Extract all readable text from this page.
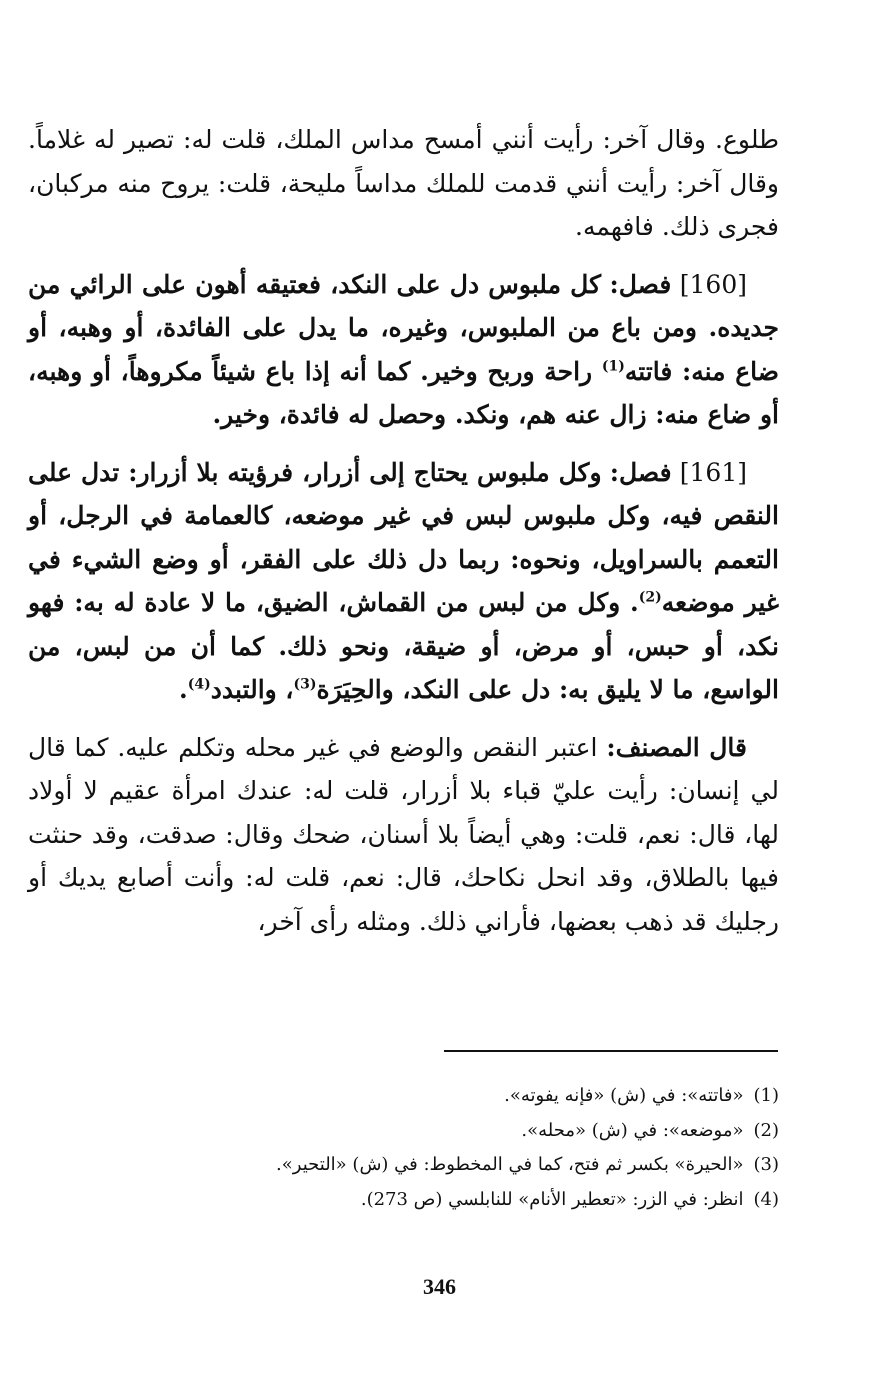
طلوع. وقال آخر: رأيت أنني أمسح مداس الملك، قلت له: تصير له غلاماً. وقال آخر: رأيت أنني قدمت للملك مداساً مليحة، قلت: يروح منه مركبان، فجرى ذلك. فافهمه.

[160] فصل: كل ملبوس دل على النكد، فعتيقه أهون على الرائي من جديده. ومن باع من الملبوس، وغيره، ما يدل على الفائدة، أو وهبه، أو ضاع منه: فاتته$^{(1)}$ راحة وربح وخير. كما أنه إذا باع شيئاً مكروهاً، أو وهبه، أو ضاع منه: زال عنه هم، ونكد. وحصل له فائدة، وخير.

[161] فصل: وكل ملبوس يحتاج إلى أزرار، فرؤيته بلا أزرار: تدل على النقص فيه، وكل ملبوس لبس في غير موضعه، كالعمامة في الرجل، أو التعمم بالسراويل، ونحوه: ربما دل ذلك على الفقر، أو وضع الشيء في غير موضعه$^{(2)}$. وكل من لبس من القماش، الضيق، ما لا عادة له به: فهو نكد، أو حبس، أو مرض، أو ضيقة، ونحو ذلك. كما أن من لبس، من الواسع، ما لا يليق به: دل على النكد، والحِيَرَة$^{(3)}$، والتبدد$^{(4)}$.

قال المصنف: اعتبر النقص والوضع في غير محله وتكلم عليه. كما قال لي إنسان: رأيت عليّ قباء بلا أزرار، قلت له: عندك امرأة عقيم لا أولاد لها، قال: نعم، قلت: وهي أيضاً بلا أسنان، ضحك وقال: صدقت، وقد حنثت فيها بالطلاق، وقد انحل نكاحك، قال: نعم، قلت له: وأنت أصابع يديك أو رجليك قد ذهب بعضها، فأراني ذلك. ومثله رأى آخر،

(1)«فاتته»: في (ش) «فإنه يفوته».

(2)«موضعه»: في (ش) «محله».

(3)«الحيرة» بكسر ثم فتح، كما في المخطوط: في (ش) «التحير».

(4)انظر: في الزر: «تعطير الأنام» للنابلسي (ص 273).

346
